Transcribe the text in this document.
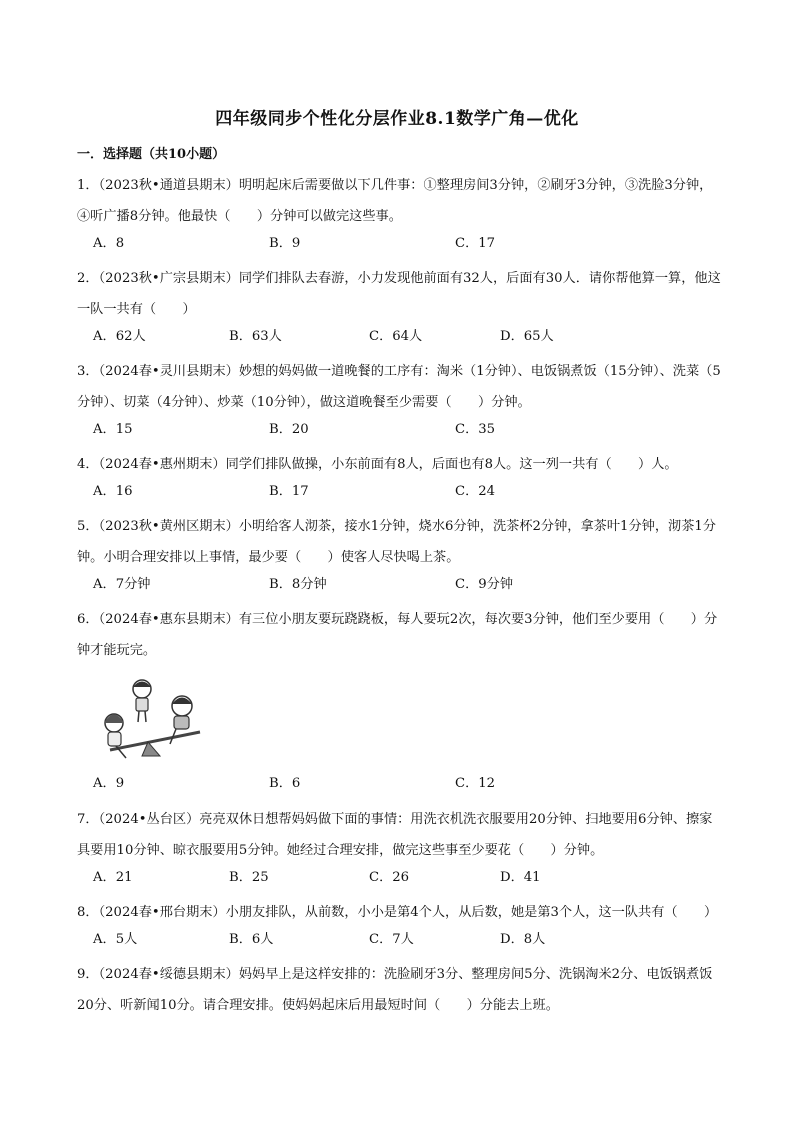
四年级同步个性化分层作业8.1数学广角—优化
一．选择题（共10小题）
1．（2023秋•通道县期末）明明起床后需要做以下几件事：①整理房间3分钟，②刷牙3分钟，③洗脸3分钟，④听广播8分钟。他最快（　　）分钟可以做完这些事。
A．8	B．9	C．17
2．（2023秋•广宗县期末）同学们排队去春游，小力发现他前面有32人，后面有30人．请你帮他算一算，他这一队一共有（　　）
A．62人	B．63人	C．64人	D．65人
3．（2024春•灵川县期末）妙想的妈妈做一道晚餐的工序有：淘米（1分钟）、电饭锅煮饭（15分钟）、洗菜（5分钟）、切菜（4分钟）、炒菜（10分钟），做这道晚餐至少需要（　　）分钟。
A．15	B．20	C．35
4．（2024春•惠州期末）同学们排队做操，小东前面有8人，后面也有8人。这一列一共有（　　）人。
A．16	B．17	C．24
5．（2023秋•黄州区期末）小明给客人沏茶，接水1分钟，烧水6分钟，洗茶杯2分钟，拿茶叶1分钟，沏茶1分钟。小明合理安排以上事情，最少要（　　）使客人尽快喝上茶。
A．7分钟	B．8分钟	C．9分钟
6．（2024春•惠东县期末）有三位小朋友要玩跷跷板，每人要玩2次，每次要3分钟，他们至少要用（　　）分钟才能玩完。
A．9	B．6	C．12
7．（2024•丛台区）亮亮双休日想帮妈妈做下面的事情：用洗衣机洗衣服要用20分钟、扫地要用6分钟、擦家具要用10分钟、晾衣服要用5分钟。她经过合理安排，做完这些事至少要花（　　）分钟。
A．21	B．25	C．26	D．41
8．（2024春•邢台期末）小朋友排队，从前数，小小是第4个人，从后数，她是第3个人，这一队共有（　　）
A．5人	B．6人	C．7人	D．8人
9．（2024春•绥德县期末）妈妈早上是这样安排的：洗脸刷牙3分、整理房间5分、洗锅淘米2分、电饭锅煮饭20分、听新闻10分。请合理安排。使妈妈起床后用最短时间（　　）分能去上班。
